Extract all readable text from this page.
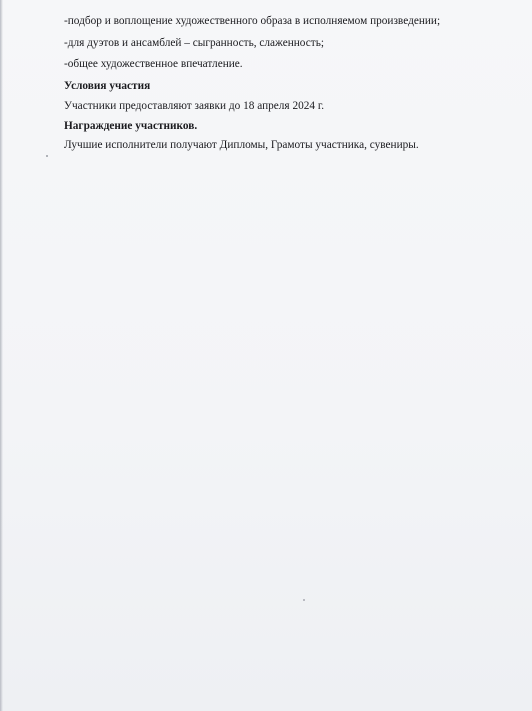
-подбор и воплощение художественного образа в исполняемом произведении;
-для дуэтов и ансамблей – сыгранность, слаженность;
-общее художественное впечатление.
Условия участия
Участники предоставляют заявки до 18 апреля 2024 г.
Награждение участников.
Лучшие исполнители получают Дипломы, Грамоты участника, сувениры.
